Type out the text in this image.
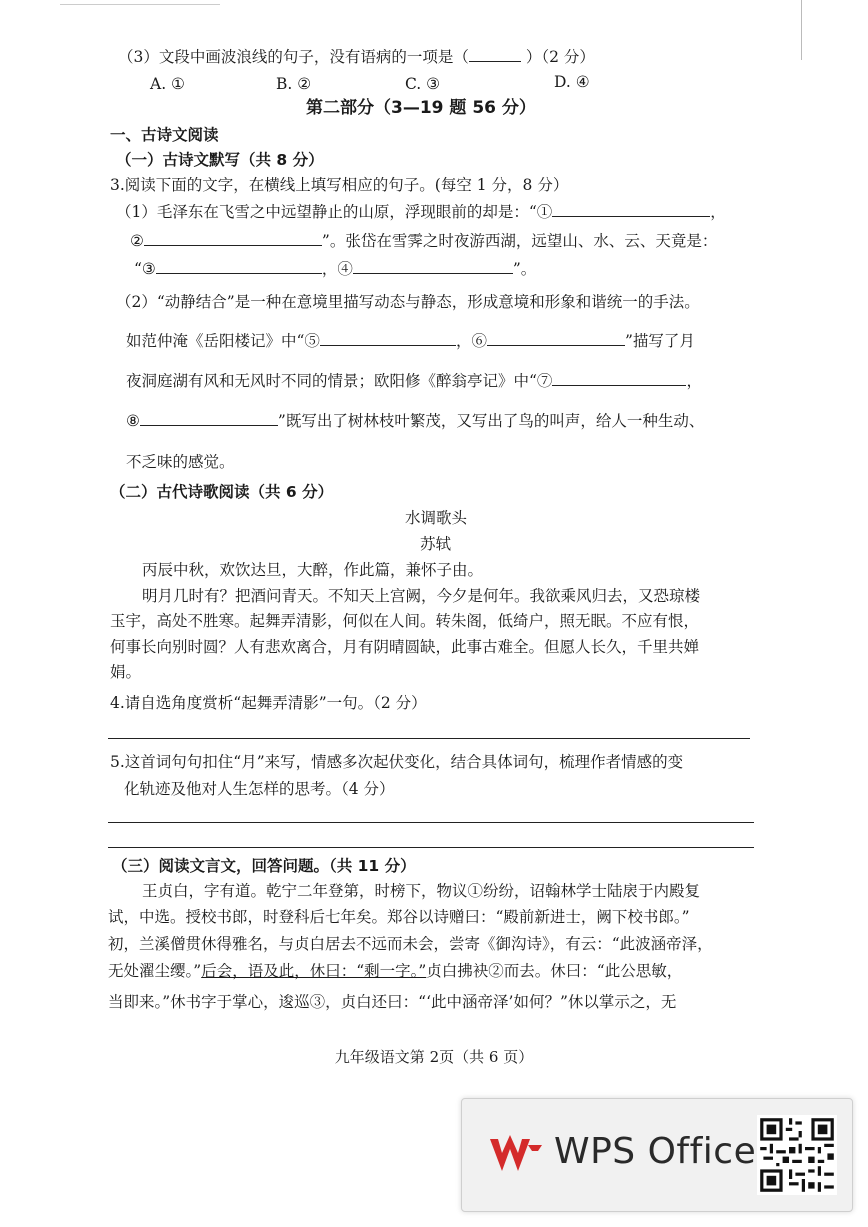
（3）文段中画波浪线的句子，没有语病的一项是（	）（2 分）
A. ①	B. ②	C. ③	D. ④
第二部分（3—19 题 56 分）
一、古诗文阅读
（一）古诗文默写（共 8 分）
3.阅读下面的文字，在横线上填写相应的句子。(每空 1 分，8 分）
（1）毛泽东在飞雪之中远望静止的山原，浮现眼前的却是：“①	，
②	”。张岱在雪霁之时夜游西湖，远望山、水、云、天竟是：
“③	，④	”。
（2）“动静结合”是一种在意境里描写动态与静态，形成意境和形象和谐统一的手法。
如范仲淹《岳阳楼记》中“⑤	，⑥	”描写了月
夜洞庭湖有风和无风时不同的情景；欧阳修《醉翁亭记》中“⑦	，
⑧	”既写出了树林枝叶繁茂，又写出了鸟的叫声，给人一种生动、
不乏味的感觉。
（二）古代诗歌阅读（共 6 分）
水调歌头
苏轼
丙辰中秋，欢饮达旦，大醉，作此篇，兼怀子由。
明月几时有？把酒问青天。不知天上宫阙，今夕是何年。我欲乘风归去，又恐琼楼
玉宇，高处不胜寒。起舞弄清影，何似在人间。转朱阁，低绮户，照无眠。不应有恨，
何事长向别时圆？人有悲欢离合，月有阴晴圆缺，此事古难全。但愿人长久，千里共婵
娟。
4.请自选角度赏析“起舞弄清影”一句。（2 分）
5.这首词句句扣住“月”来写，情感多次起伏变化，结合具体词句，梳理作者情感的变
化轨迹及他对人生怎样的思考。（4 分）
（三）阅读文言文，回答问题。（共 11 分）
王贞白，字有道。乾宁二年登第，时榜下，物议①纷纷，诏翰林学士陆扆于内殿复
试，中选。授校书郎，时登科后七年矣。郑谷以诗赠曰：“殿前新进士，阙下校书郎。”
初，兰溪僧贯休得雅名，与贞白居去不远而未会，尝寄《御沟诗》，有云：“此波涵帝泽，
无处濯尘缨。”后会，语及此，休曰：“剩一字。”贞白拂袂②而去。休曰：“此公思敏，
当即来。”休书字于掌心，逡巡③，贞白还曰：“‘此中涵帝泽’如何？”休以掌示之，无
九年级语文第 2页（共 6 页）
WPS Office
